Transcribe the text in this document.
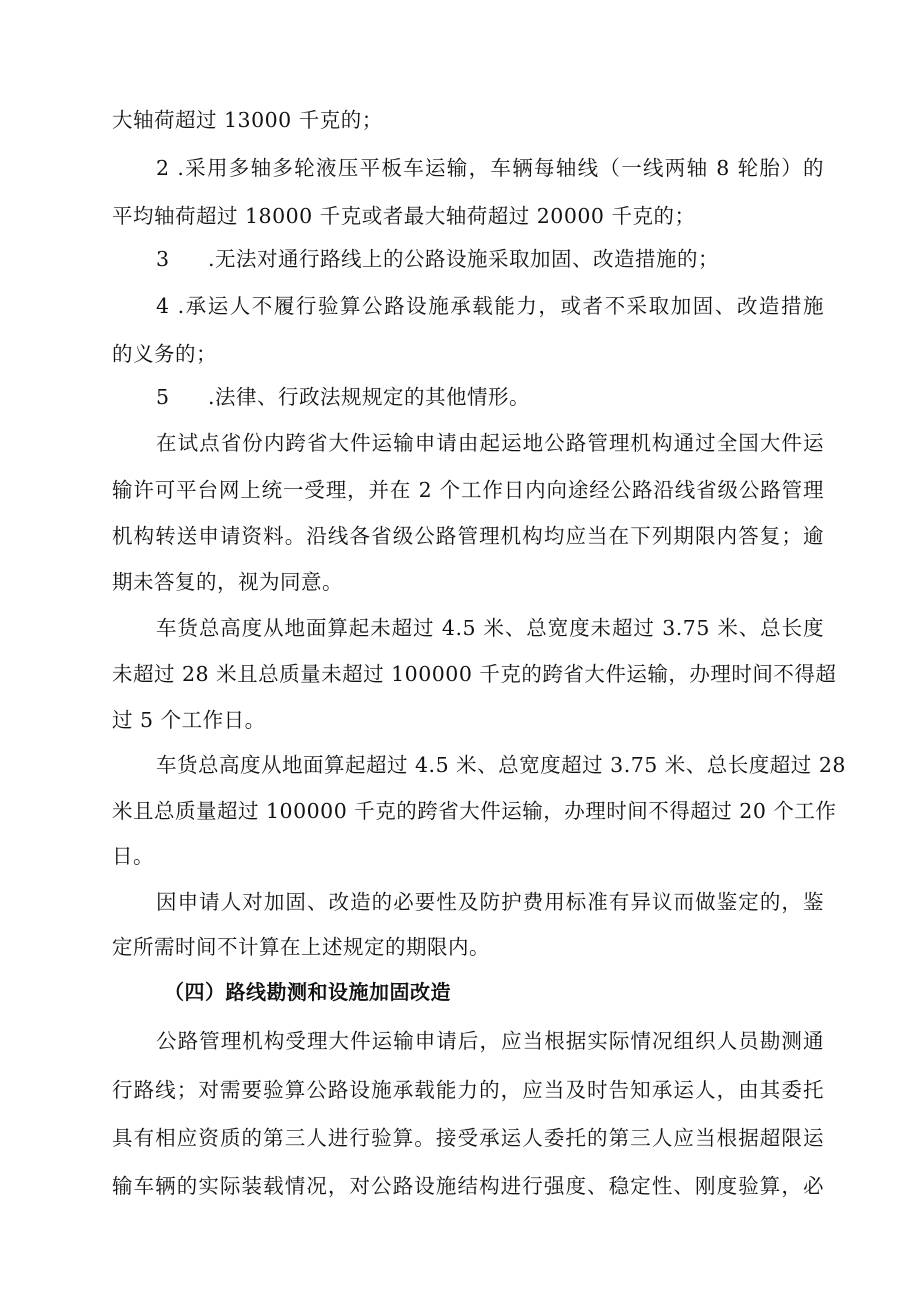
大轴荷超过 13000 千克的；
2 .采用多轴多轮液压平板车运输，车辆每轴线（一线两轴 8 轮胎）的
平均轴荷超过 18000 千克或者最大轴荷超过 20000 千克的；
3 .无法对通行路线上的公路设施采取加固、改造措施的；
4 .承运人不履行验算公路设施承载能力，或者不采取加固、改造措施
的义务的；
5 .法律、行政法规规定的其他情形。
在试点省份内跨省大件运输申请由起运地公路管理机构通过全国大件运
输许可平台网上统一受理，并在 2 个工作日内向途经公路沿线省级公路管理
机构转送申请资料。沿线各省级公路管理机构均应当在下列期限内答复；逾
期未答复的，视为同意。
车货总高度从地面算起未超过 4.5 米、总宽度未超过 3.75 米、总长度
未超过 28 米且总质量未超过 100000 千克的跨省大件运输，办理时间不得超
过 5 个工作日。
车货总高度从地面算起超过 4.5 米、总宽度超过 3.75 米、总长度超过 28
米且总质量超过 100000 千克的跨省大件运输，办理时间不得超过 20 个工作
日。
因申请人对加固、改造的必要性及防护费用标准有异议而做鉴定的，鉴
定所需时间不计算在上述规定的期限内。
（四）路线勘测和设施加固改造
公路管理机构受理大件运输申请后，应当根据实际情况组织人员勘测通
行路线；对需要验算公路设施承载能力的，应当及时告知承运人，由其委托
具有相应资质的第三人进行验算。接受承运人委托的第三人应当根据超限运
输车辆的实际装载情况，对公路设施结构进行强度、稳定性、刚度验算，必
